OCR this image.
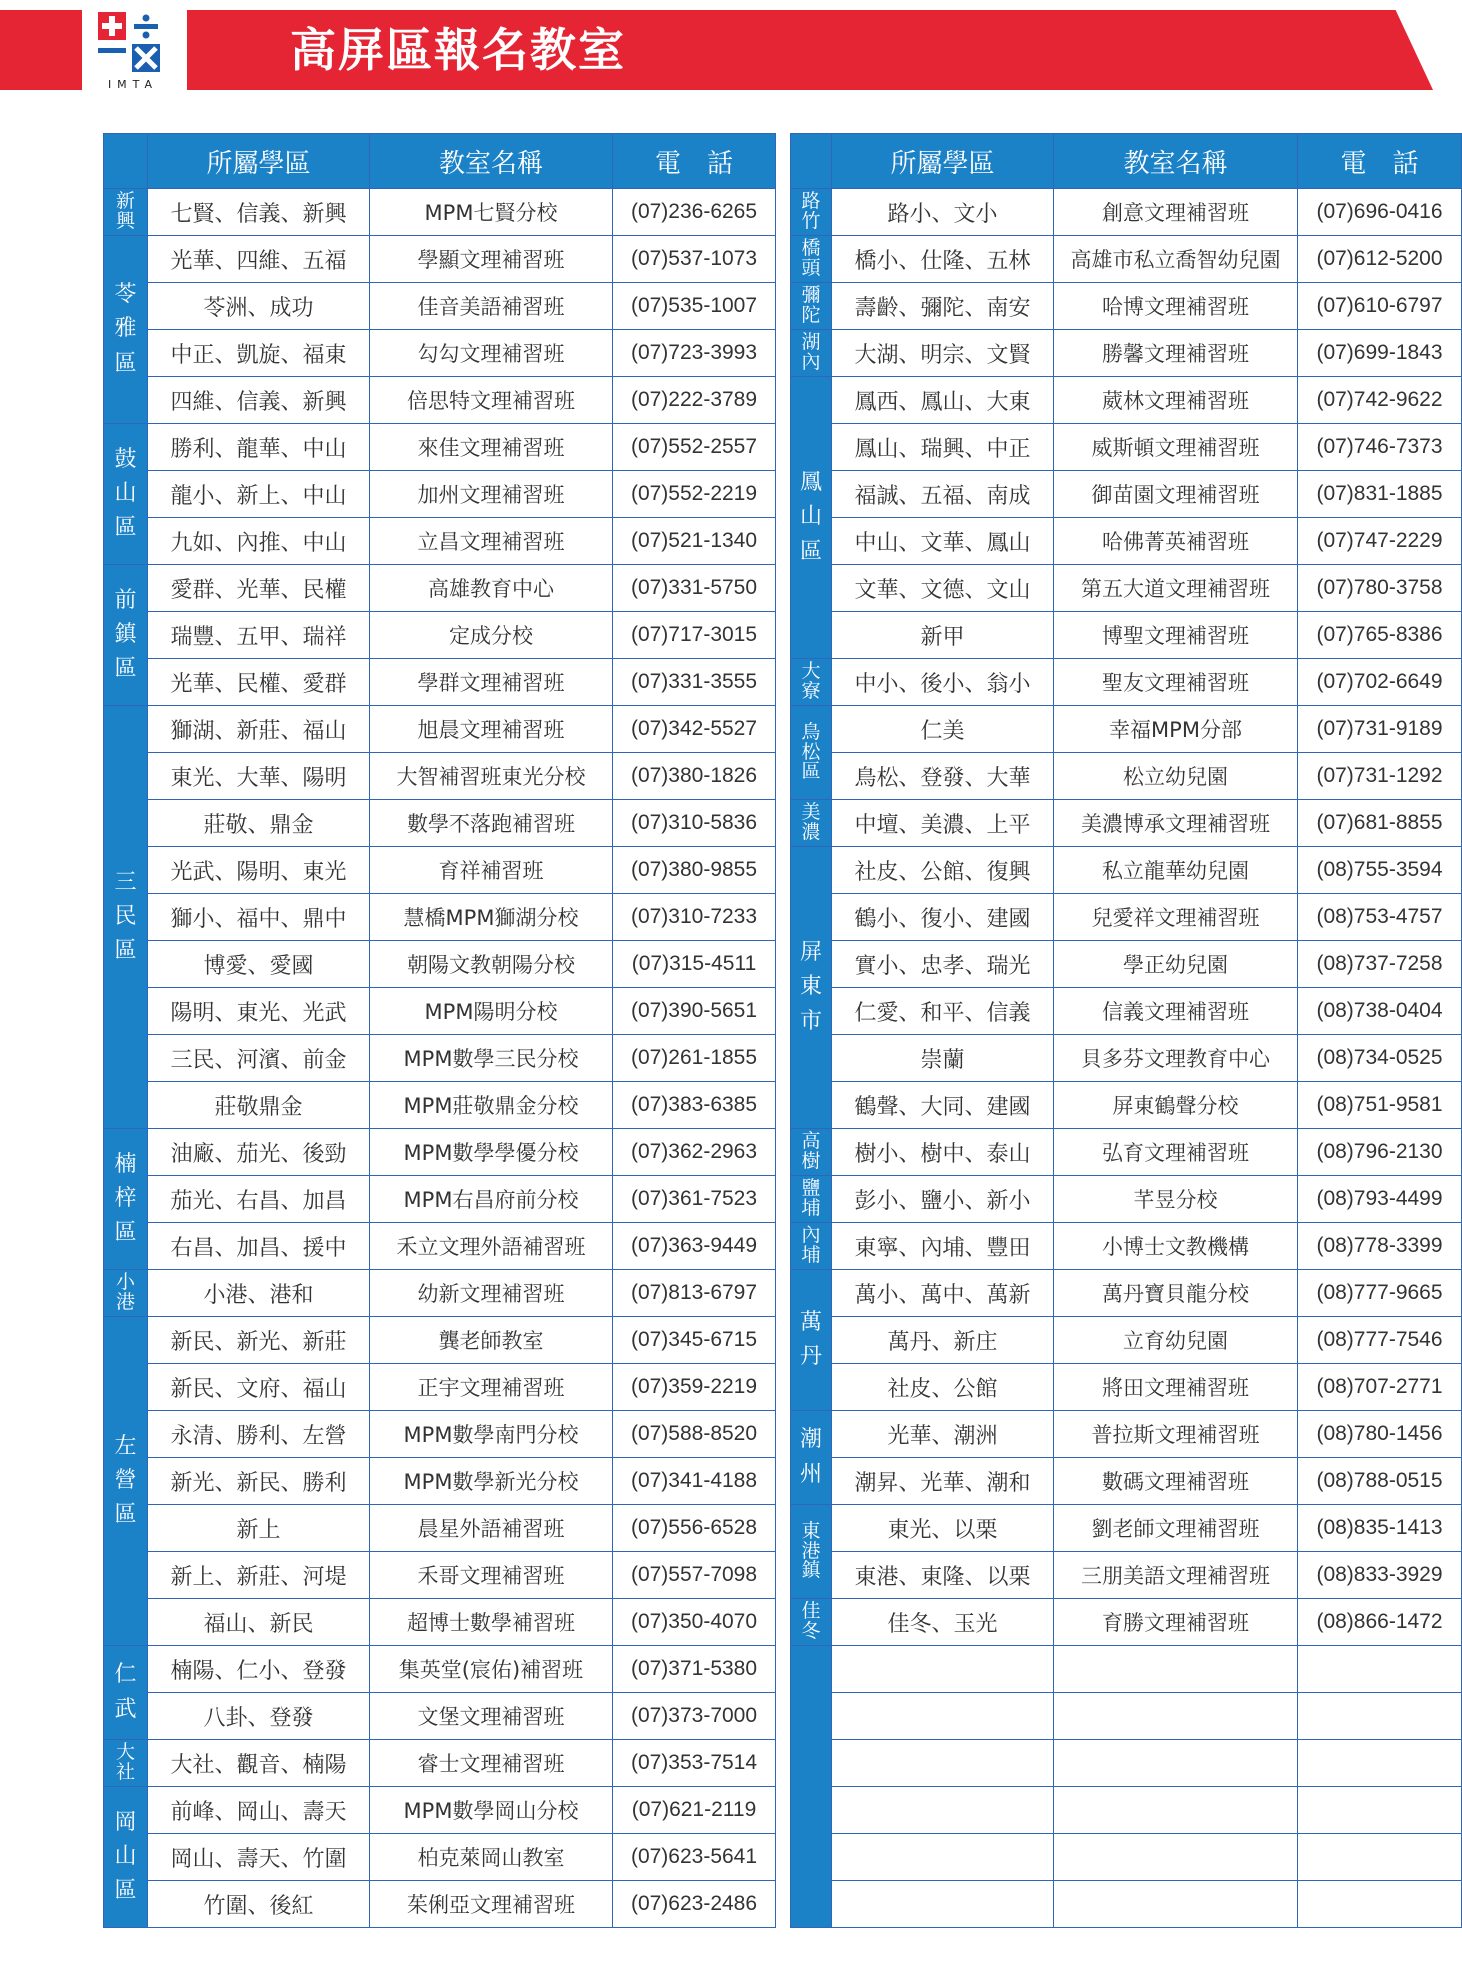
IMTA
高屏區報名教室
	所屬學區	教室名稱	電　話
新
興	七賢、信義、新興	MPM七賢分校	(07)236-6265
苓
雅
區	光華、四維、五福	學顯文理補習班	(07)537-1073
	苓洲、成功	佳音美語補習班	(07)535-1007
	中正、凱旋、福東	勾勾文理補習班	(07)723-3993
	四維、信義、新興	倍思特文理補習班	(07)222-3789
鼓
山
區	勝利、龍華、中山	來佳文理補習班	(07)552-2557
	龍小、新上、中山	加州文理補習班	(07)552-2219
	九如、內推、中山	立昌文理補習班	(07)521-1340
前
鎮
區	愛群、光華、民權	高雄教育中心	(07)331-5750
	瑞豐、五甲、瑞祥	定成分校	(07)717-3015
	光華、民權、愛群	學群文理補習班	(07)331-3555
三
民
區	獅湖、新莊、福山	旭晨文理補習班	(07)342-5527
	東光、大華、陽明	大智補習班東光分校	(07)380-1826
	莊敬、鼎金	數學不落跑補習班	(07)310-5836
	光武、陽明、東光	育祥補習班	(07)380-9855
	獅小、福中、鼎中	慧橋MPM獅湖分校	(07)310-7233
	博愛、愛國	朝陽文教朝陽分校	(07)315-4511
	陽明、東光、光武	MPM陽明分校	(07)390-5651
	三民、河濱、前金	MPM數學三民分校	(07)261-1855
	莊敬鼎金	MPM莊敬鼎金分校	(07)383-6385
楠
梓
區	油廠、茄光、後勁	MPM數學學優分校	(07)362-2963
	茄光、右昌、加昌	MPM右昌府前分校	(07)361-7523
	右昌、加昌、援中	禾立文理外語補習班	(07)363-9449
小
港	小港、港和	幼新文理補習班	(07)813-6797
左
營
區	新民、新光、新莊	龔老師教室	(07)345-6715
	新民、文府、福山	正宇文理補習班	(07)359-2219
	永清、勝利、左營	MPM數學南門分校	(07)588-8520
	新光、新民、勝利	MPM數學新光分校	(07)341-4188
	新上	晨星外語補習班	(07)556-6528
	新上、新莊、河堤	禾哥文理補習班	(07)557-7098
	福山、新民	超博士數學補習班	(07)350-4070
仁
武	楠陽、仁小、登發	集英堂(宸佑)補習班	(07)371-5380
	八卦、登發	文堡文理補習班	(07)373-7000
大
社	大社、觀音、楠陽	睿士文理補習班	(07)353-7514
岡
山
區	前峰、岡山、壽天	MPM數學岡山分校	(07)621-2119
	岡山、壽天、竹圍	柏克萊岡山教室	(07)623-5641
	竹圍、後紅	茱俐亞文理補習班	(07)623-2486
	所屬學區	教室名稱	電　話
路
竹	路小、文小	創意文理補習班	(07)696-0416
橋
頭	橋小、仕隆、五林	高雄市私立喬智幼兒園	(07)612-5200
彌
陀	壽齡、彌陀、南安	哈博文理補習班	(07)610-6797
湖
內	大湖、明宗、文賢	勝馨文理補習班	(07)699-1843
鳳
山
區	鳳西、鳳山、大東	葳林文理補習班	(07)742-9622
	鳳山、瑞興、中正	威斯頓文理補習班	(07)746-7373
	福誠、五福、南成	御苗園文理補習班	(07)831-1885
	中山、文華、鳳山	哈佛菁英補習班	(07)747-2229
	文華、文德、文山	第五大道文理補習班	(07)780-3758
	新甲	博聖文理補習班	(07)765-8386
大
寮	中小、後小、翁小	聖友文理補習班	(07)702-6649
鳥
松
區	仁美	幸福MPM分部	(07)731-9189
	鳥松、登發、大華	松立幼兒園	(07)731-1292
美
濃	中壇、美濃、上平	美濃博承文理補習班	(07)681-8855
屏
東
市	社皮、公館、復興	私立龍華幼兒園	(08)755-3594
	鶴小、復小、建國	兒愛祥文理補習班	(08)753-4757
	實小、忠孝、瑞光	學正幼兒園	(08)737-7258
	仁愛、和平、信義	信義文理補習班	(08)738-0404
	崇蘭	貝多芬文理教育中心	(08)734-0525
	鶴聲、大同、建國	屏東鶴聲分校	(08)751-9581
高
樹	樹小、樹中、泰山	弘育文理補習班	(08)796-2130
鹽
埔	彭小、鹽小、新小	芊昱分校	(08)793-4499
內
埔	東寧、內埔、豐田	小博士文教機構	(08)778-3399
萬
丹	萬小、萬中、萬新	萬丹寶貝龍分校	(08)777-9665
	萬丹、新庄	立育幼兒園	(08)777-7546
	社皮、公館	將田文理補習班	(08)707-2771
潮
州	光華、潮洲	普拉斯文理補習班	(08)780-1456
	潮昇、光華、潮和	數碼文理補習班	(08)788-0515
東
港
鎮	東光、以栗	劉老師文理補習班	(08)835-1413
	東港、東隆、以栗	三朋美語文理補習班	(08)833-3929
佳
冬	佳冬、玉光	育勝文理補習班	(08)866-1472
